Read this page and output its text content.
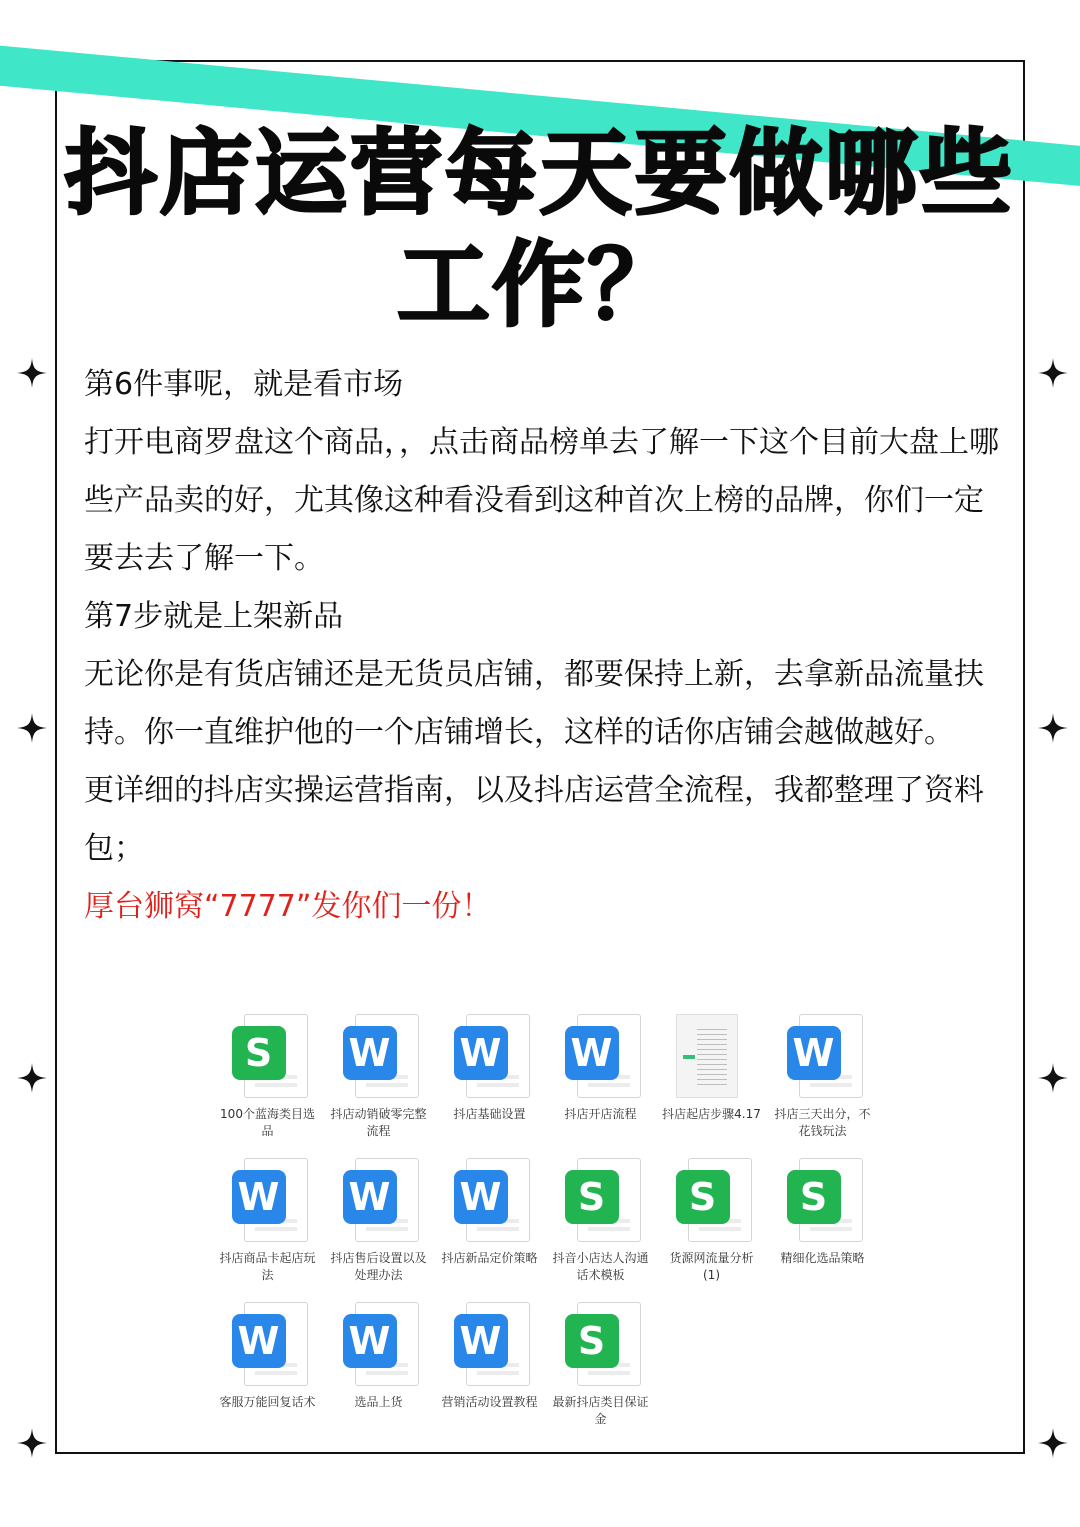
抖店运营每天要做哪些
工作？

第6件事呢，就是看市场

打开电商罗盘这个商品，，点击商品榜单去了解一下这个目前大盘上哪些产品卖的好，尤其像这种看没看到这种首次上榜的品牌，你们一定要去去了解一下。

第7步就是上架新品

无论你是有货店铺还是无货员店铺，都要保持上新，去拿新品流量扶持。你一直维护他的一个店铺增长，这样的话你店铺会越做越好。

更详细的抖店实操运营指南，以及抖店运营全流程，我都整理了资料包；

厚台狮窝“7777”发你们一份！

S
100个蓝海类目选品
W
抖店动销破零完整流程
W
抖店基础设置
W
抖店开店流程	抖店起店步骤4.17
W
抖店三天出分，不花钱玩法
W
抖店商品卡起店玩法
W
抖店售后设置以及处理办法
W
抖店新品定价策略
S
抖音小店达人沟通话术模板
S
货源网流量分析(1)
S
精细化选品策略
W
客服万能回复话术
W
选品上货
W
营销活动设置教程
S
最新抖店类目保证金
